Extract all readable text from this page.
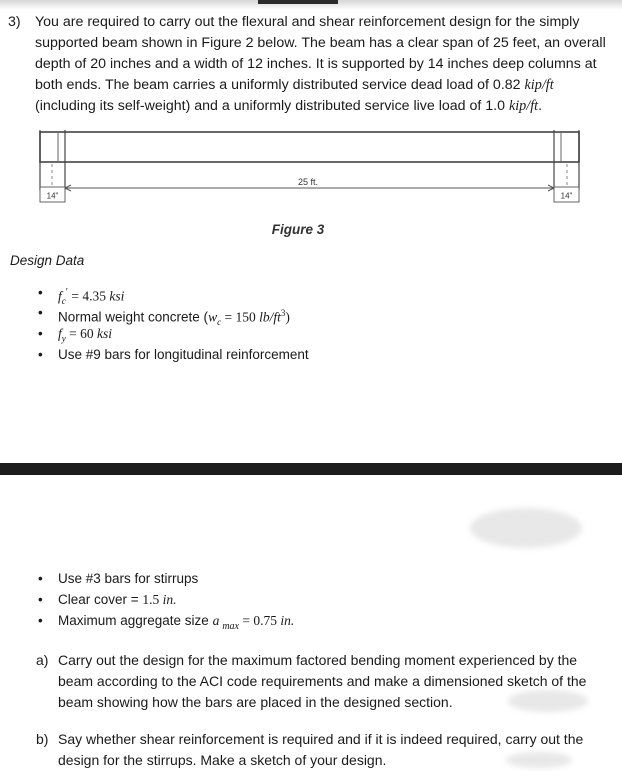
3) You are required to carry out the flexural and shear reinforcement design for the simply
supported beam shown in Figure 2 below. The beam has a clear span of 25 feet, an overall
depth of 20 inches and a width of 12 inches. It is supported by 14 inches deep columns at
both ends. The beam carries a uniformly distributed service dead load of 0.82 kip/ft
(including its self-weight) and a uniformly distributed service live load of 1.0 kip/ft.
14"	14"
25 ft.
Figure 3
Design Data
• $f_c' = 4.35$ ksi
• Normal weight concrete ($w_c = 150$ $lb/ft^3$)
• $f_y = 60$ ksi
• Use #9 bars for longitudinal reinforcement
• Use #3 bars for stirrups
• Clear cover = 1.5 in.
• Maximum aggregate size a $_{max}$ = 0.75 in.
a) Carry out the design for the maximum factored bending moment experienced by the
beam according to the ACI code requirements and make a dimensioned sketch of the
beam showing how the bars are placed in the designed section.
b) Say whether shear reinforcement is required and if it is indeed required, carry out the
design for the stirrups. Make a sketch of your design.
